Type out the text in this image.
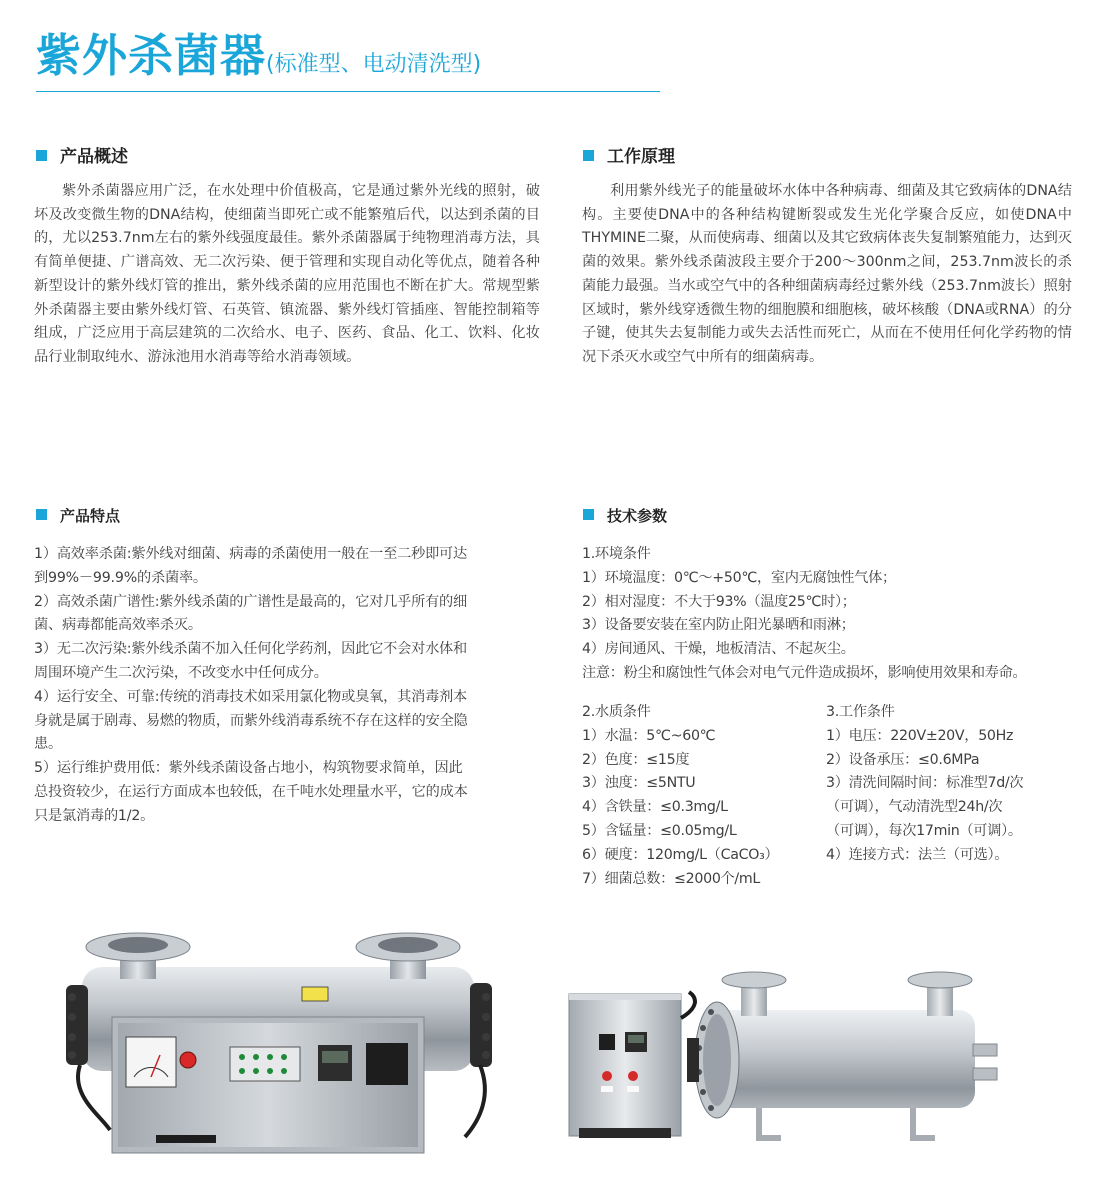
紫外杀菌器(标准型、电动清洗型)
产品概述

紫外杀菌器应用广泛，在水处理中价值极高，它是通过紫外光线的照射，破坏及改变微生物的DNA结构，使细菌当即死亡或不能繁殖后代，以达到杀菌的目的，尤以253.7nm左右的紫外线强度最佳。紫外杀菌器属于纯物理消毒方法，具有简单便捷、广谱高效、无二次污染、便于管理和实现自动化等优点，随着各种新型设计的紫外线灯管的推出，紫外线杀菌的应用范围也不断在扩大。常规型紫外杀菌器主要由紫外线灯管、石英管、镇流器、紫外线灯管插座、智能控制箱等组成，广泛应用于高层建筑的二次给水、电子、医药、食品、化工、饮料、化妆品行业制取纯水、游泳池用水消毒等给水消毒领域。

工作原理

利用紫外线光子的能量破坏水体中各种病毒、细菌及其它致病体的DNA结构。主要使DNA中的各种结构键断裂或发生光化学聚合反应，如使DNA中THYMINE二聚，从而使病毒、细菌以及其它致病体丧失复制繁殖能力，达到灭菌的效果。紫外线杀菌波段主要介于200～300nm之间，253.7nm波长的杀菌能力最强。当水或空气中的各种细菌病毒经过紫外线（253.7nm波长）照射区域时，紫外线穿透微生物的细胞膜和细胞核，破坏核酸（DNA或RNA）的分子键，使其失去复制能力或失去活性而死亡，从而在不使用任何化学药物的情况下杀灭水或空气中所有的细菌病毒。

产品特点
1）高效率杀菌:紫外线对细菌、病毒的杀菌使用一般在一至二秒即可达
到99%－99.9%的杀菌率。
2）高效杀菌广谱性:紫外线杀菌的广谱性是最高的，它对几乎所有的细
菌、病毒都能高效率杀灭。
3）无二次污染:紫外线杀菌不加入任何化学药剂，因此它不会对水体和
周围环境产生二次污染，不改变水中任何成分。
4）运行安全、可靠:传统的消毒技术如采用氯化物或臭氧，其消毒剂本
身就是属于剧毒、易燃的物质，而紫外线消毒系统不存在这样的安全隐
患。
5）运行维护费用低：紫外线杀菌设备占地小，构筑物要求简单，因此
总投资较少，在运行方面成本也较低，在千吨水处理量水平，它的成本
只是氯消毒的1/2。
技术参数
1.环境条件
1）环境温度：0℃～+50℃，室内无腐蚀性气体；
2）相对湿度：不大于93%（温度25℃时）；
3）设备要安装在室内防止阳光暴晒和雨淋；
4）房间通风、干燥，地板清洁、不起灰尘。
注意：粉尘和腐蚀性气体会对电气元件造成损坏，影响使用效果和寿命。
2.水质条件
1）水温：5℃~60℃
2）色度：≤15度
3）浊度：≤5NTU
4）含铁量：≤0.3mg/L
5）含锰量：≤0.05mg/L
6）硬度：120mg/L（CaCO₃）
7）细菌总数：≤2000个/mL
3.工作条件
1）电压：220V±20V，50Hz
2）设备承压：≤0.6MPa
3）清洗间隔时间：标准型7d/次
（可调），气动清洗型24h/次
（可调），每次17min（可调）。
4）连接方式：法兰（可选）。
